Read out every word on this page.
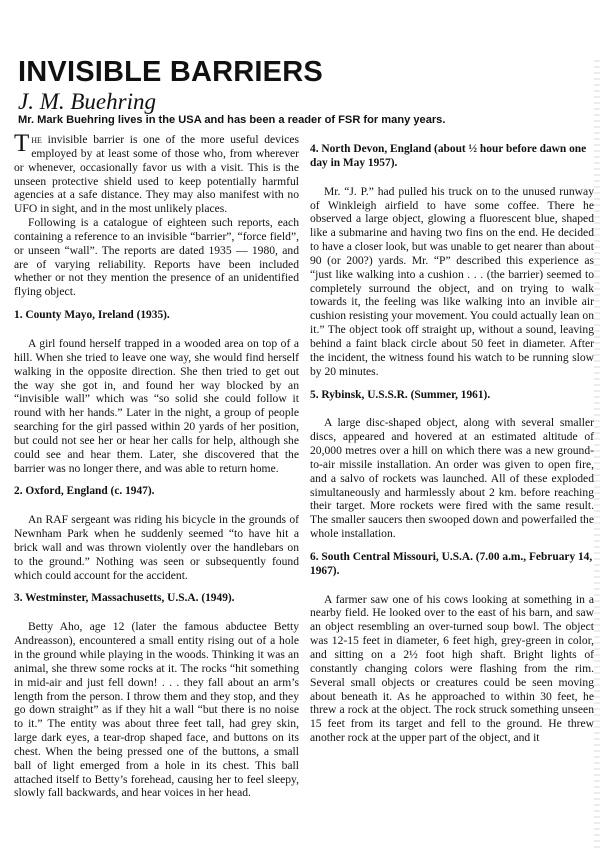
INVISIBLE BARRIERS
J. M. Buehring
Mr. Mark Buehring lives in the USA and has been a reader of FSR for many years.

The invisible barrier is one of the more useful devices employed by at least some of those who, from wherever or whenever, occasionally favor us with a visit. This is the unseen protective shield used to keep potentially harmful agencies at a safe distance. They may also manifest with no UFO in sight, and in the most unlikely places.

Following is a catalogue of eighteen such reports, each containing a reference to an invisible “barrier”, “force field”, or unseen “wall”. The reports are dated 1935 — 1980, and are of varying reliability. Reports have been included whether or not they mention the presence of an unidentified flying object.

1. County Mayo, Ireland (1935).

A girl found herself trapped in a wooded area on top of a hill. When she tried to leave one way, she would find herself walking in the opposite direction. She then tried to get out the way she got in, and found her way blocked by an “invisible wall” which was “so solid she could follow it round with her hands.” Later in the night, a group of people searching for the girl passed within 20 yards of her position, but could not see her or hear her calls for help, although she could see and hear them. Later, she discovered that the barrier was no longer there, and was able to return home.

2. Oxford, England (c. 1947).

An RAF sergeant was riding his bicycle in the grounds of Newnham Park when he suddenly seemed “to have hit a brick wall and was thrown violently over the handlebars on to the ground.” Nothing was seen or subsequently found which could account for the accident.

3. Westminster, Massachusetts, U.S.A. (1949).

Betty Aho, age 12 (later the famous abductee Betty Andreasson), encountered a small entity rising out of a hole in the ground while playing in the woods. Thinking it was an animal, she threw some rocks at it. The rocks “hit something in mid-air and just fell down! . . . they fall about an arm’s length from the person. I throw them and they stop, and they go down straight” as if they hit a wall “but there is no noise to it.” The entity was about three feet tall, had grey skin, large dark eyes, a tear-drop shaped face, and buttons on its chest. When the being pressed one of the buttons, a small ball of light emerged from a hole in its chest. This ball attached itself to Betty’s forehead, causing her to feel sleepy, slowly fall backwards, and hear voices in her head.

4. North Devon, England (about ½ hour before dawn one day in May 1957).

Mr. “J. P.” had pulled his truck on to the unused runway of Winkleigh airfield to have some coffee. There he observed a large object, glowing a fluorescent blue, shaped like a submarine and having two fins on the end. He decided to have a closer look, but was unable to get nearer than about 90 (or 200?) yards. Mr. “P” described this experience as “just like walking into a cushion . . . (the barrier) seemed to completely surround the object, and on trying to walk towards it, the feeling was like walking into an invible air cushion resisting your movement. You could actually lean on it.” The object took off straight up, without a sound, leaving behind a faint black circle about 50 feet in diameter. After the incident, the witness found his watch to be running slow by 20 minutes.

5. Rybinsk, U.S.S.R. (Summer, 1961).

A large disc-shaped object, along with several smaller discs, appeared and hovered at an estimated altitude of 20,000 metres over a hill on which there was a new ground-to-air missile installation. An order was given to open fire, and a salvo of rockets was launched. All of these exploded simultaneously and harmlessly about 2 km. before reaching their target. More rockets were fired with the same result. The smaller saucers then swooped down and powerfailed the whole installation.

6. South Central Missouri, U.S.A. (7.00 a.m., February 14, 1967).

A farmer saw one of his cows looking at something in a nearby field. He looked over to the east of his barn, and saw an object resembling an over-turned soup bowl. The object was 12-15 feet in diameter, 6 feet high, grey-green in color, and sitting on a 2½ foot high shaft. Bright lights of constantly changing colors were flashing from the rim. Several small objects or creatures could be seen moving about beneath it. As he approached to within 30 feet, he threw a rock at the object. The rock struck something unseen 15 feet from its target and fell to the ground. He threw another rock at the upper part of the object, and it
